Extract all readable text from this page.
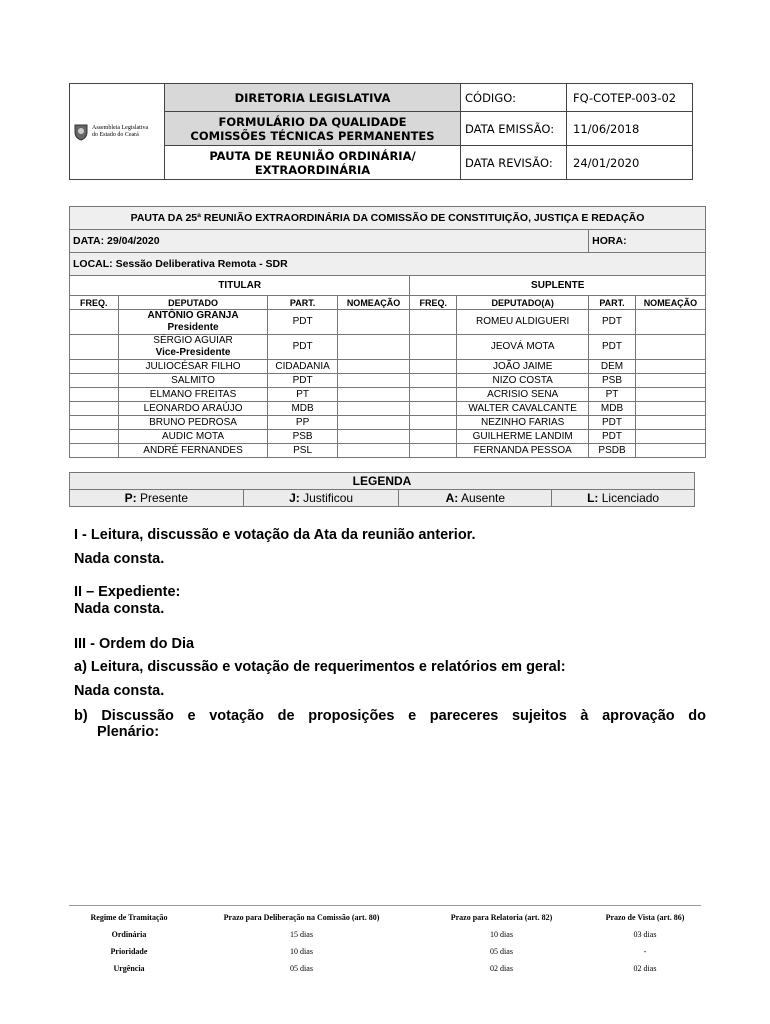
Assembleia Legislativa
do Estado do Ceará	DIRETORIA LEGISLATIVA	CÓDIGO:	FQ-COTEP-003-02

	FORMULÁRIO DA QUALIDADE
COMISSÕES TÉCNICAS PERMANENTES	DATA EMISSÃO:	11/06/2018

	PAUTA DE REUNIÃO ORDINÁRIA/
EXTRAORDINÁRIA	DATA REVISÃO:	24/01/2020
PAUTA DA 25ª REUNIÃO EXTRAORDINÁRIA DA COMISSÃO DE CONSTITUIÇÃO, JUSTIÇA E REDAÇÃO							
DATA: 29/04/2020						HORA:	
LOCAL: Sessão Deliberativa Remota - SDR							
TITULAR				SUPLENTE			
FREQ.	DEPUTADO	PART.	NOMEAÇÃO	FREQ.	DEPUTADO(A)	PART.	NOMEAÇÃO

	ANTÔNIO GRANJA
Presidente	PDT			ROMEU ALDIGUERI	PDT	

	SÉRGIO AGUIAR
Vice-Presidente	PDT			JEOVÁ MOTA	PDT	
	JULIOCÉSAR FILHO	CIDADANIA			JOÃO JAIME	DEM	
	SALMITO	PDT			NIZO COSTA	PSB	
	ELMANO FREITAS	PT			ACRISIO SENA	PT	
	LEONARDO ARAÚJO	MDB			WALTER CAVALCANTE	MDB	
	BRUNO PEDROSA	PP			NEZINHO FARIAS	PDT	
	AUDIC MOTA	PSB			GUILHERME LANDIM	PDT	
	ANDRÉ FERNANDES	PSL			FERNANDA PESSOA	PSDB	
LEGENDA
P: Presente	J: Justificou	A: Ausente	L: Licenciado
I - Leitura, discussão e votação da Ata da reunião anterior.
Nada consta.
II – Expediente:
Nada consta.
III - Ordem do Dia
a) Leitura, discussão e votação de requerimentos e relatórios em geral:
Nada consta.
b) Discussão e votação de proposições e pareceres sujeitos à aprovação do
Plenário:
Regime de Tramitação	Prazo para Deliberação na Comissão (art. 80)	Prazo para Relatoria (art. 82)	Prazo de Vista (art. 86)
Ordinária	15 dias	10 dias	03 dias
Prioridade	10 dias	05 dias	-
Urgência	05 dias	02 dias	02 dias
